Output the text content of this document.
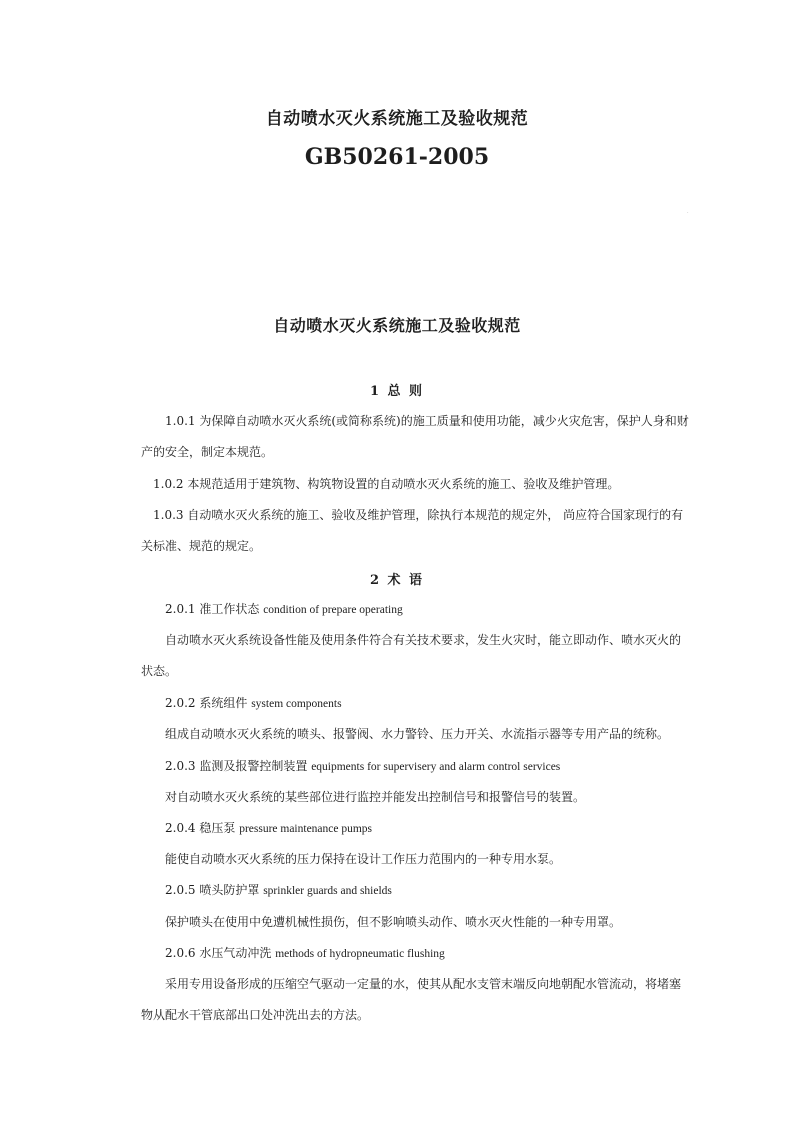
自动喷水灭火系统施工及验收规范
GB50261-2005
·
自动喷水灭火系统施工及验收规范
1 总 则
1.0.1 为保障自动喷水灭火系统(或简称系统)的施工质量和使用功能，减少火灾危害，保护人身和财
产的安全，制定本规范。
1.0.2 本规范适用于建筑物、构筑物设置的自动喷水灭火系统的施工、验收及维护管理。
1.0.3 自动喷水灭火系统的施工、验收及维护管理，除执行本规范的规定外， 尚应符合国家现行的有
关标准、规范的规定。
2 术 语
2.0.1 准工作状态 condition of prepare operating
自动喷水灭火系统设备性能及使用条件符合有关技术要求，发生火灾时，能立即动作、喷水灭火的
状态。
2.0.2 系统组件 system components
组成自动喷水灭火系统的喷头、报警阀、水力警铃、压力开关、水流指示器等专用产品的统称。
2.0.3 监测及报警控制装置 equipments for supervisery and alarm control services
对自动喷水灭火系统的某些部位进行监控并能发出控制信号和报警信号的装置。
2.0.4 稳压泵 pressure maintenance pumps
能使自动喷水灭火系统的压力保持在设计工作压力范围内的一种专用水泵。
2.0.5 喷头防护罩 sprinkler guards and shields
保护喷头在使用中免遭机械性损伤，但不影响喷头动作、喷水灭火性能的一种专用罩。
2.0.6 水压气动冲洗 methods of hydropneumatic flushing
采用专用设备形成的压缩空气驱动一定量的水，使其从配水支管末端反向地朝配水管流动，将堵塞
物从配水干管底部出口处冲洗出去的方法。
